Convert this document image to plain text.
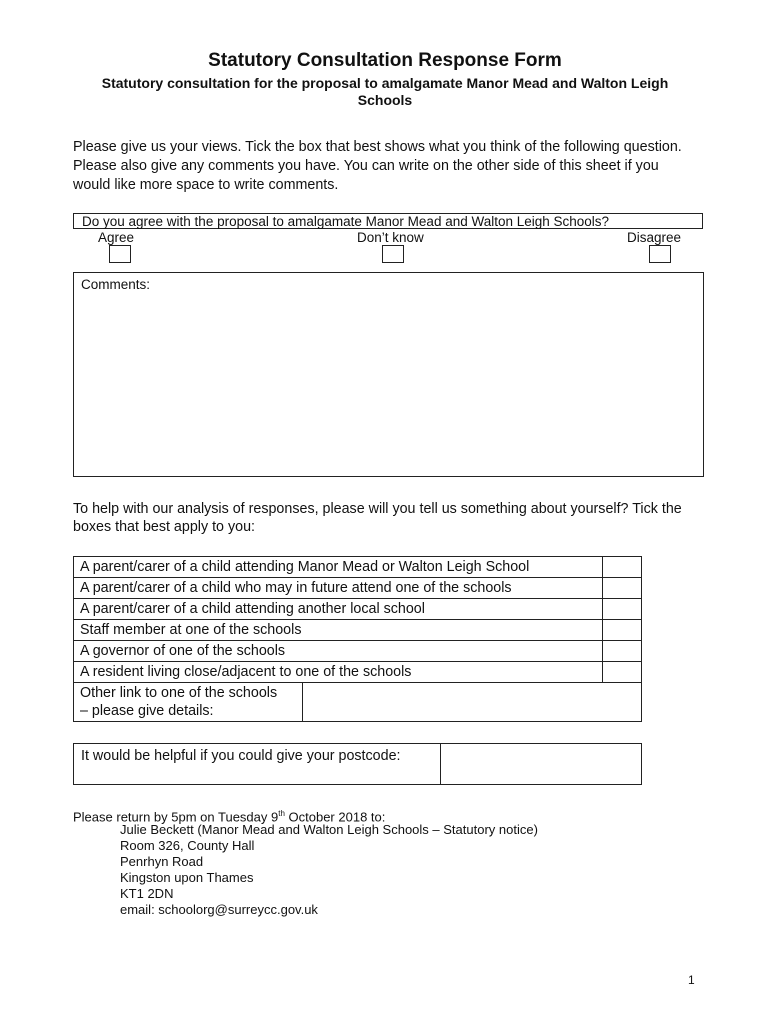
Statutory Consultation Response Form
Statutory consultation for the proposal to amalgamate Manor Mead and Walton Leigh Schools
Please give us your views. Tick the box that best shows what you think of the following question. Please also give any comments you have. You can write on the other side of this sheet if you would like more space to write comments.
Do you agree with the proposal to amalgamate Manor Mead and Walton Leigh Schools?
Agree	Don’t know	Disagree
Comments:
To help with our analysis of responses, please will you tell us something about yourself? Tick the boxes that best apply to you:
A parent/carer of a child attending Manor Mead or Walton Leigh School	
A parent/carer of a child who may in future attend one of the schools	
A parent/carer of a child attending another local school	
Staff member at one of the schools	
A governor of one of the schools	
A resident living close/adjacent to one of the schools	
Other link to one of the schools
– please give details:
It would be helpful if you could give your postcode:
Please return by 5pm on Tuesday 9th October 2018 to:
Julie Beckett (Manor Mead and Walton Leigh Schools – Statutory notice)
Room 326, County Hall
Penrhyn Road
Kingston upon Thames
KT1 2DN
email: schoolorg@surreycc.gov.uk
1
